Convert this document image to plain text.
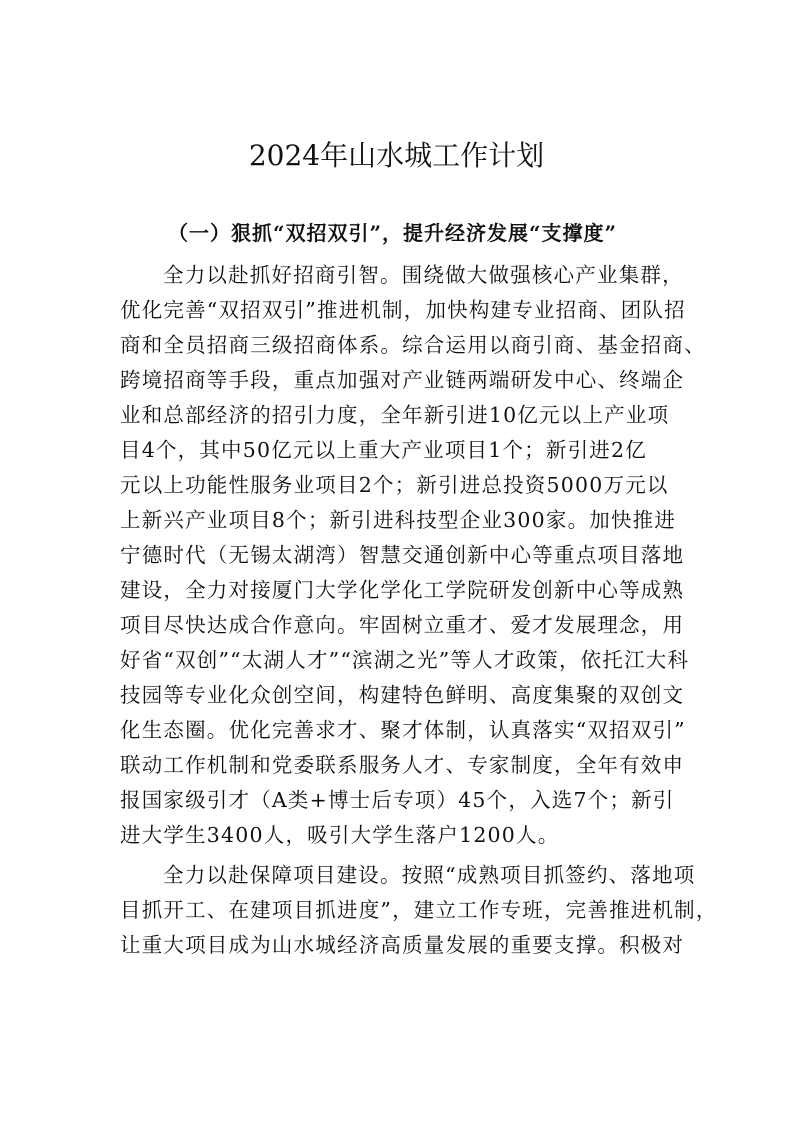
2024年山水城工作计划

（一）狠抓“双招双引”，提升经济发展“支撑度”

全力以赴抓好招商引智。围绕做大做强核心产业集群，

优化完善“双招双引”推进机制，加快构建专业招商、团队招

商和全员招商三级招商体系。综合运用以商引商、基金招商、

跨境招商等手段，重点加强对产业链两端研发中心、终端企

业和总部经济的招引力度，全年新引进10亿元以上产业项

目4个，其中50亿元以上重大产业项目1个；新引进2亿

元以上功能性服务业项目2个；新引进总投资5000万元以

上新兴产业项目8个；新引进科技型企业300家。加快推进

宁德时代（无锡太湖湾）智慧交通创新中心等重点项目落地

建设，全力对接厦门大学化学化工学院研发创新中心等成熟

项目尽快达成合作意向。牢固树立重才、爱才发展理念，用

好省“双创”“太湖人才”“滨湖之光”等人才政策，依托江大科

技园等专业化众创空间，构建特色鲜明、高度集聚的双创文

化生态圈。优化完善求才、聚才体制，认真落实“双招双引”

联动工作机制和党委联系服务人才、专家制度，全年有效申

报国家级引才（A类+博士后专项）45个，入选7个；新引

进大学生3400人，吸引大学生落户1200人。

全力以赴保障项目建设。按照“成熟项目抓签约、落地项

目抓开工、在建项目抓进度”，建立工作专班，完善推进机制，

让重大项目成为山水城经济高质量发展的重要支撑。积极对
